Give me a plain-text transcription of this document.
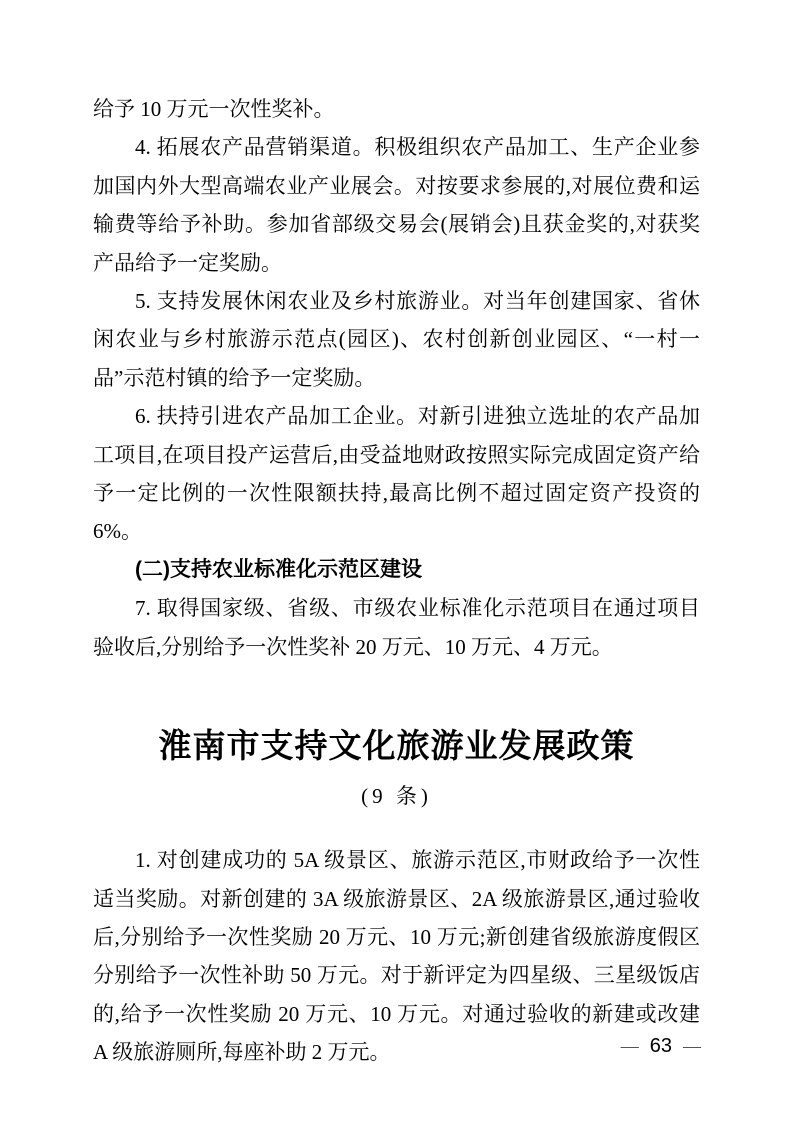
给予 10 万元一次性奖补。

4. 拓展农产品营销渠道。积极组织农产品加工、生产企业参加国内外大型高端农业产业展会。对按要求参展的,对展位费和运输费等给予补助。参加省部级交易会(展销会)且获金奖的,对获奖产品给予一定奖励。

5. 支持发展休闲农业及乡村旅游业。对当年创建国家、省休闲农业与乡村旅游示范点(园区)、农村创新创业园区、“一村一品”示范村镇的给予一定奖励。

6. 扶持引进农产品加工企业。对新引进独立选址的农产品加工项目,在项目投产运营后,由受益地财政按照实际完成固定资产给予一定比例的一次性限额扶持,最高比例不超过固定资产投资的 6%。

(二)支持农业标准化示范区建设

7. 取得国家级、省级、市级农业标准化示范项目在通过项目验收后,分别给予一次性奖补 20 万元、10 万元、4 万元。

淮南市支持文化旅游业发展政策
(9 条)

1. 对创建成功的 5A 级景区、旅游示范区,市财政给予一次性适当奖励。对新创建的 3A 级旅游景区、2A 级旅游景区,通过验收后,分别给予一次性奖励 20 万元、10 万元;新创建省级旅游度假区分别给予一次性补助 50 万元。对于新评定为四星级、三星级饭店的,给予一次性奖励 20 万元、10 万元。对通过验收的新建或改建 A 级旅游厕所,每座补助 2 万元。	— 63 —
